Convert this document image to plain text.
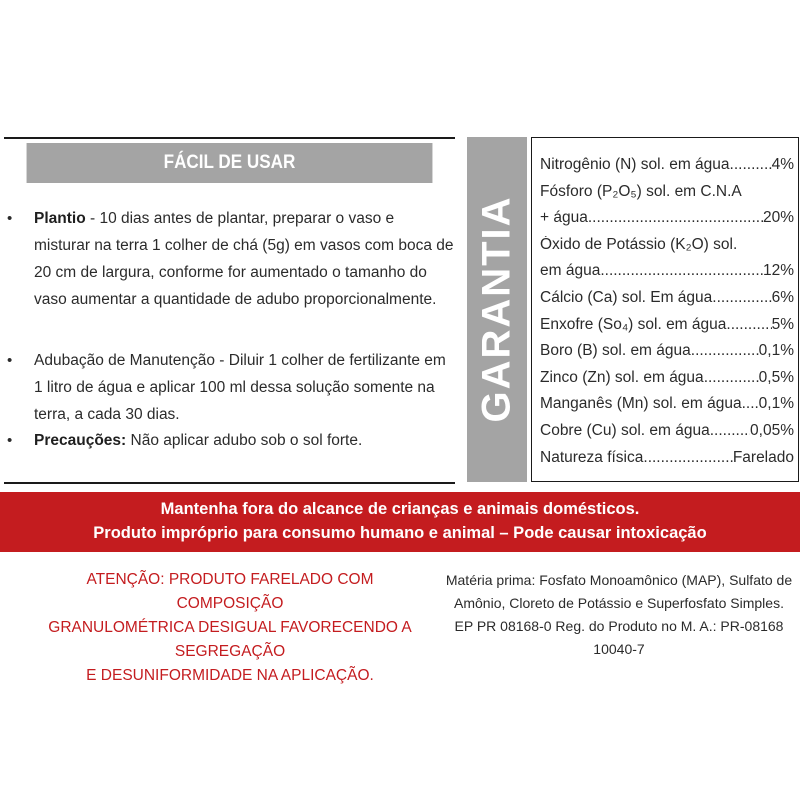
FÁCIL DE USAR
• Plantio - 10 dias antes de plantar, preparar o vaso e misturar na terra 1 colher de chá (5g) em vasos com boca de 20 cm de largura, conforme for aumentado o tamanho do vaso aumentar a quantidade de adubo proporcionalmente.
• Adubação de Manutenção - Diluir 1 colher de fertilizante em 1 litro de água e aplicar 100 ml dessa solução somente na terra, a cada 30 dias.
• Precauções: Não aplicar adubo sob o sol forte.
GARANTIA
Nitrogênio (N) sol. em água .....	4%
Fósforo (P₂O₅) sol. em C.N.A
+ água .....	20%
Óxido de Potássio (K₂O) sol.
em água .....	12%
Cálcio (Ca) sol. Em água .....	6%
Enxofre (So₄) sol. em água .....	5%
Boro (B) sol. em água .....	0,1%
Zinco (Zn) sol. em água .....	0,5%
Manganês (Mn) sol. em água ..... 0,1%
Cobre (Cu) sol. em água .....	0,05%
Natureza física .....	Farelado
Mantenha fora do alcance de crianças e animais domésticos.
Produto impróprio para consumo humano e animal – Pode causar intoxicação
ATENÇÃO: PRODUTO FARELADO COM COMPOSIÇÃO
GRANULOMÉTRICA DESIGUAL FAVORECENDO A SEGREGAÇÃO
E DESUNIFORMIDADE NA APLICAÇÃO.
Matéria prima: Fosfato Monoamônico (MAP), Sulfato de
Amônio, Cloreto de Potássio e Superfosfato Simples.
EP PR 08168-0 Reg. do Produto no M. A.: PR-08168 10040-7
